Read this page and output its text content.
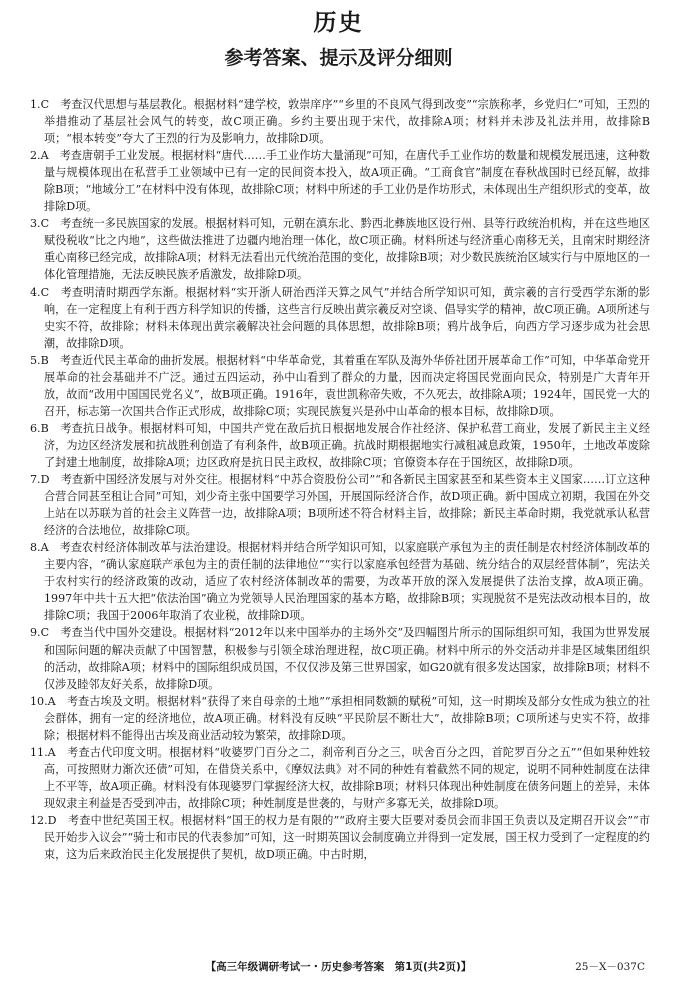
历史
参考答案、提示及评分细则

1.C　考查汉代思想与基层教化。根据材料“建学校，敦崇庠序”“乡里的不良风气得到改变”“宗族称孝，乡党归仁”可知，王烈的举措推动了基层社会风气的转变，故C项正确。乡约主要出现于宋代，故排除A项；材料并未涉及礼法并用，故排除B项；“根本转变”夸大了王烈的行为及影响力，故排除D项。

2.A　考查唐朝手工业发展。根据材料“唐代……手工业作坊大量涌现”可知，在唐代手工业作坊的数量和规模发展迅速，这种数量与规模体现出在私营手工业领域中已有一定的民间资本投入，故A项正确。“工商食官”制度在春秋战国时已经瓦解，故排除B项；“地域分工”在材料中没有体现，故排除C项；材料中所述的手工业仍是作坊形式，未体现出生产组织形式的变革，故排除D项。

3.C　考查统一多民族国家的发展。根据材料可知，元朝在滇东北、黔西北彝族地区设行州、县等行政统治机构，并在这些地区赋役税收“比之内地”，这些做法推进了边疆内地治理一体化，故C项正确。材料所述与经济重心南移无关，且南宋时期经济重心南移已经完成，故排除A项；材料无法看出元代统治范围的变化，故排除B项；对少数民族统治区域实行与中原地区的一体化管理措施，无法反映民族矛盾激发，故排除D项。

4.C　考查明清时期西学东渐。根据材料“实开浙人研治西洋天算之风气”并结合所学知识可知，黄宗羲的言行受西学东渐的影响，在一定程度上有利于西方科学知识的传播，这些言行反映出黄宗羲反对空谈、倡导实学的精神，故C项正确。A项所述与史实不符，故排除；材料未体现出黄宗羲解决社会问题的具体思想，故排除B项；鸦片战争后，向西方学习逐步成为社会思潮，故排除D项。

5.B　考查近代民主革命的曲折发展。根据材料“中华革命党，其着重在军队及海外华侨社团开展革命工作”可知，中华革命党开展革命的社会基础并不广泛。通过五四运动，孙中山看到了群众的力量，因而决定将国民党面向民众，特别是广大青年开放，故而“改用中国国民党名义”，故B项正确。1916年，袁世凯称帝失败，不久死去，故排除A项；1924年，国民党一大的召开，标志第一次国共合作正式形成，故排除C项；实现民族复兴是孙中山革命的根本目标，故排除D项。

6.B　考查抗日战争。根据材料可知，中国共产党在敌后抗日根据地发展合作社经济、保护私营工商业，发展了新民主主义经济，为边区经济发展和抗战胜利创造了有利条件，故B项正确。抗战时期根据地实行减租减息政策，1950年，土地改革废除了封建土地制度，故排除A项；边区政府是抗日民主政权，故排除C项；官僚资本存在于国统区，故排除D项。

7.D　考查新中国经济发展与对外交往。根据材料“中苏合资股份公司”“和各新民主国家甚至和某些资本主义国家……订立这种合营合同甚至租让合同”可知，刘少奇主张中国要学习外国，开展国际经济合作，故D项正确。新中国成立初期，我国在外交上站在以苏联为首的社会主义阵营一边，故排除A项；B项所述不符合材料主旨，故排除；新民主革命时期，我党就承认私营经济的合法地位，故排除C项。

8.A　考查农村经济体制改革与法治建设。根据材料并结合所学知识可知，以家庭联产承包为主的责任制是农村经济体制改革的主要内容，“确认家庭联产承包为主的责任制的法律地位”“实行以家庭承包经营为基础、统分结合的双层经营体制”，宪法关于农村实行的经济政策的改动，适应了农村经济体制改革的需要，为改革开放的深入发展提供了法治支撑，故A项正确。1997年中共十五大把“依法治国”确立为党领导人民治理国家的基本方略，故排除B项；实现脱贫不是宪法改动根本目的，故排除C项；我国于2006年取消了农业税，故排除D项。

9.C　考查当代中国外交建设。根据材料“2012年以来中国举办的主场外交”及四幅图片所示的国际组织可知，我国为世界发展和国际问题的解决贡献了中国智慧，积极参与引领全球治理进程，故C项正确。材料中所示的外交活动并非是区域集团组织的活动，故排除A项；材料中的国际组织成员国，不仅仅涉及第三世界国家，如G20就有很多发达国家，故排除B项；材料不仅涉及睦邻友好关系，故排除D项。

10.A　考查古埃及文明。根据材料“获得了来自母亲的土地”“承担相同数额的赋税”可知，这一时期埃及部分女性成为独立的社会群体，拥有一定的经济地位，故A项正确。材料没有反映“平民阶层不断壮大”，故排除B项；C项所述与史实不符，故排除；根据材料不能得出古埃及商业活动较为繁荣，故排除D项。

11.A　考查古代印度文明。根据材料“收婆罗门百分之二，刹帝利百分之三，吠舍百分之四，首陀罗百分之五”“但如果种姓较高，可按照财力渐次还债”可知，在借贷关系中，《摩奴法典》对不同的种姓有着截然不同的规定，说明不同种姓制度在法律上不平等，故A项正确。材料没有体现婆罗门掌握经济大权，故排除B项；材料只体现出种姓制度在债务问题上的差异，未体现奴隶主利益是否受到冲击，故排除C项；种姓制度是世袭的，与财产多寡无关，故排除D项。

12.D　考查中世纪英国王权。根据材料“国王的权力是有限的”“政府主要大臣要对委员会而非国王负责以及定期召开议会”“市民开始步入议会”“骑士和市民的代表参加”可知，这一时期英国议会制度确立并得到一定发展，国王权力受到了一定程度的约束，这为后来政治民主化发展提供了契机，故D项正确。中古时期，

【高三年级调研考试一・历史参考答案　第1页(共2页)】	25－X－037C
